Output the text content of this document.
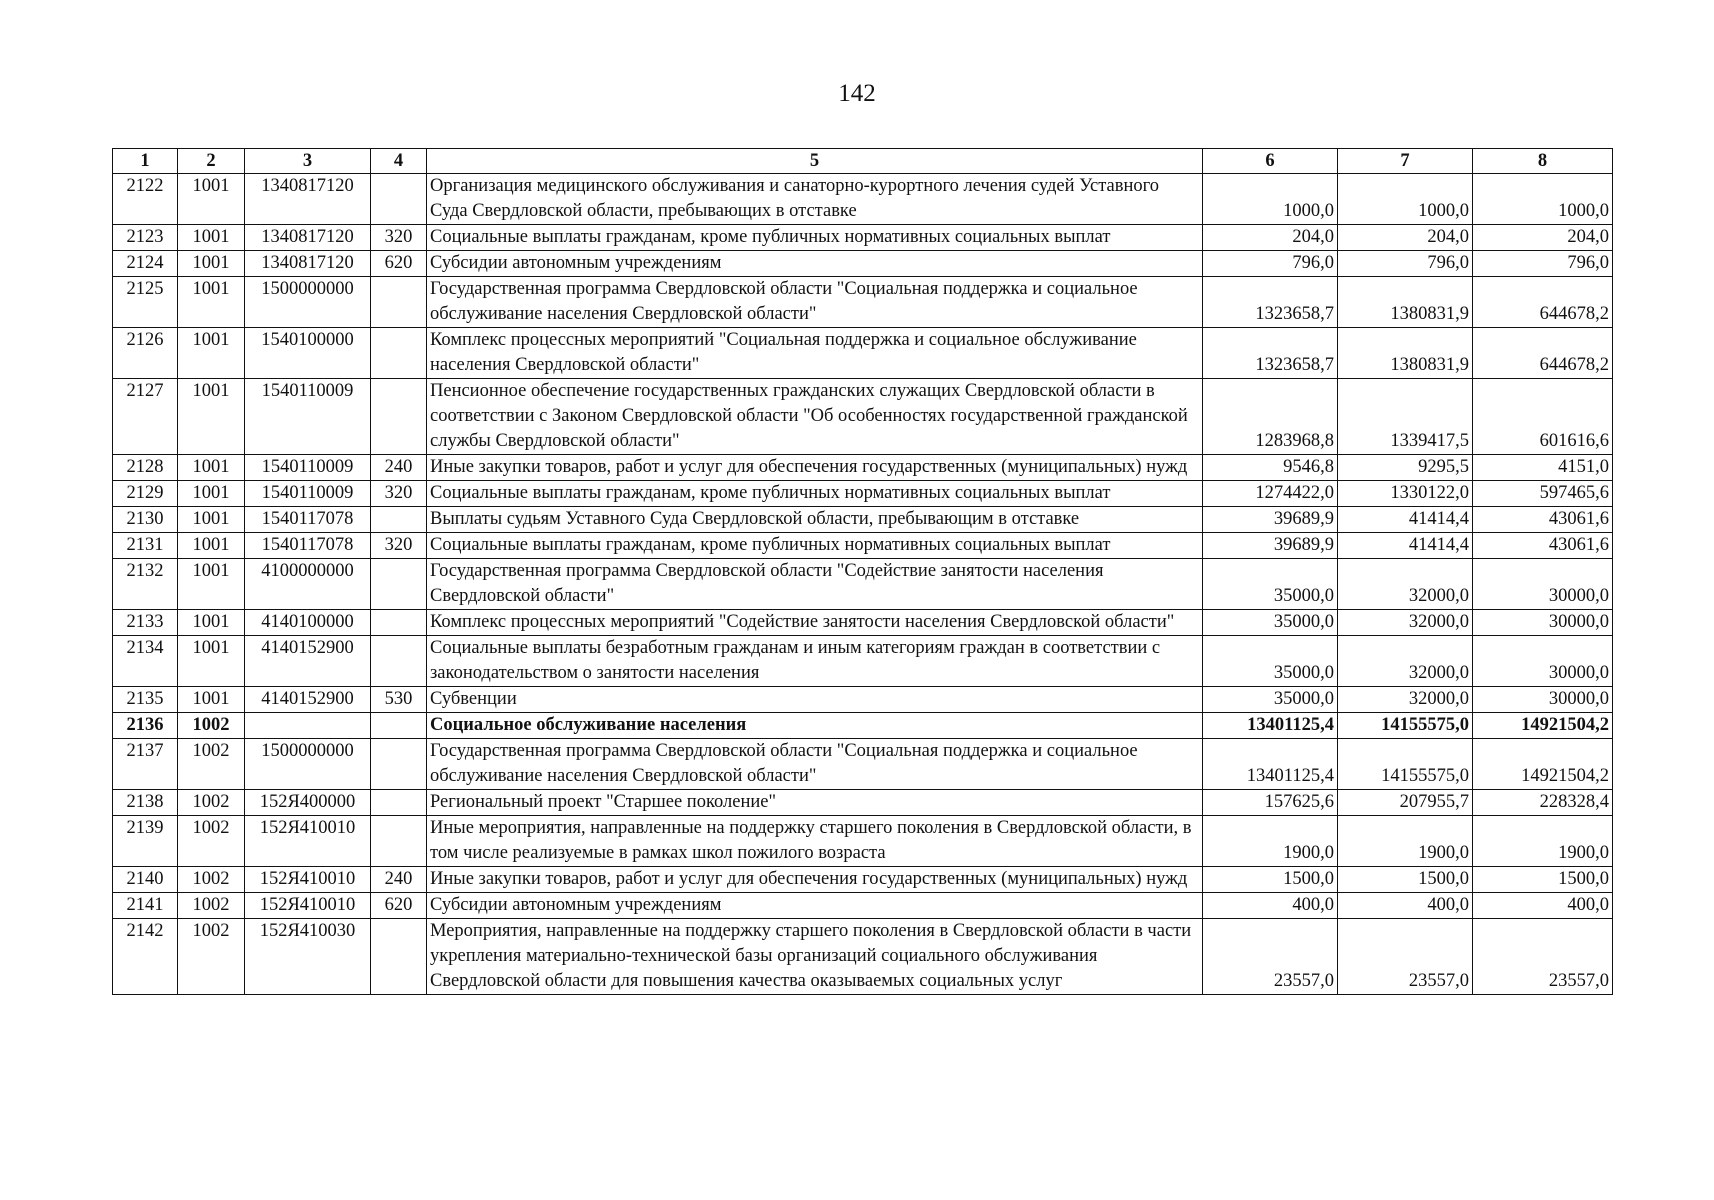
142
1	2	3	4	5	6	7	8
2122	1001	1340817120		Организация медицинского обслуживания и санаторно-курортного лечения судей Уставного Суда Свердловской области, пребывающих в отставке	1000,0	1000,0	1000,0
2123	1001	1340817120	320	Социальные выплаты гражданам, кроме публичных нормативных социальных выплат	204,0	204,0	204,0
2124	1001	1340817120	620	Субсидии автономным учреждениям	796,0	796,0	796,0
2125	1001	1500000000		Государственная программа Свердловской области "Социальная поддержка и социальное обслуживание населения Свердловской области"	1323658,7	1380831,9	644678,2
2126	1001	1540100000		Комплекс процессных мероприятий "Социальная поддержка и социальное обслуживание населения Свердловской области"	1323658,7	1380831,9	644678,2
2127	1001	1540110009		Пенсионное обеспечение государственных гражданских служащих Свердловской области в соответствии с Законом Свердловской области "Об особенностях государственной гражданской службы Свердловской области"	1283968,8	1339417,5	601616,6
2128	1001	1540110009	240	Иные закупки товаров, работ и услуг для обеспечения государственных (муниципальных) нужд	9546,8	9295,5	4151,0
2129	1001	1540110009	320	Социальные выплаты гражданам, кроме публичных нормативных социальных выплат	1274422,0	1330122,0	597465,6
2130	1001	1540117078		Выплаты судьям Уставного Суда Свердловской области, пребывающим в отставке	39689,9	41414,4	43061,6
2131	1001	1540117078	320	Социальные выплаты гражданам, кроме публичных нормативных социальных выплат	39689,9	41414,4	43061,6
2132	1001	4100000000		Государственная программа Свердловской области "Содействие занятости населения Свердловской области"	35000,0	32000,0	30000,0
2133	1001	4140100000		Комплекс процессных мероприятий "Содействие занятости населения Свердловской области"	35000,0	32000,0	30000,0
2134	1001	4140152900		Социальные выплаты безработным гражданам и иным категориям граждан в соответствии с законодательством о занятости населения	35000,0	32000,0	30000,0
2135	1001	4140152900	530	Субвенции	35000,0	32000,0	30000,0
2136	1002			Социальное обслуживание населения	13401125,4	14155575,0	14921504,2
2137	1002	1500000000		Государственная программа Свердловской области "Социальная поддержка и социальное обслуживание населения Свердловской области"	13401125,4	14155575,0	14921504,2
2138	1002	152Я400000		Региональный проект "Старшее поколение"	157625,6	207955,7	228328,4
2139	1002	152Я410010		Иные мероприятия, направленные на поддержку старшего поколения в Свердловской области, в том числе реализуемые в рамках школ пожилого возраста	1900,0	1900,0	1900,0
2140	1002	152Я410010	240	Иные закупки товаров, работ и услуг для обеспечения государственных (муниципальных) нужд	1500,0	1500,0	1500,0
2141	1002	152Я410010	620	Субсидии автономным учреждениям	400,0	400,0	400,0
2142	1002	152Я410030		Мероприятия, направленные на поддержку старшего поколения в Свердловской области в части укрепления материально-технической базы организаций социального обслуживания Свердловской области для повышения качества оказываемых социальных услуг	23557,0	23557,0	23557,0
